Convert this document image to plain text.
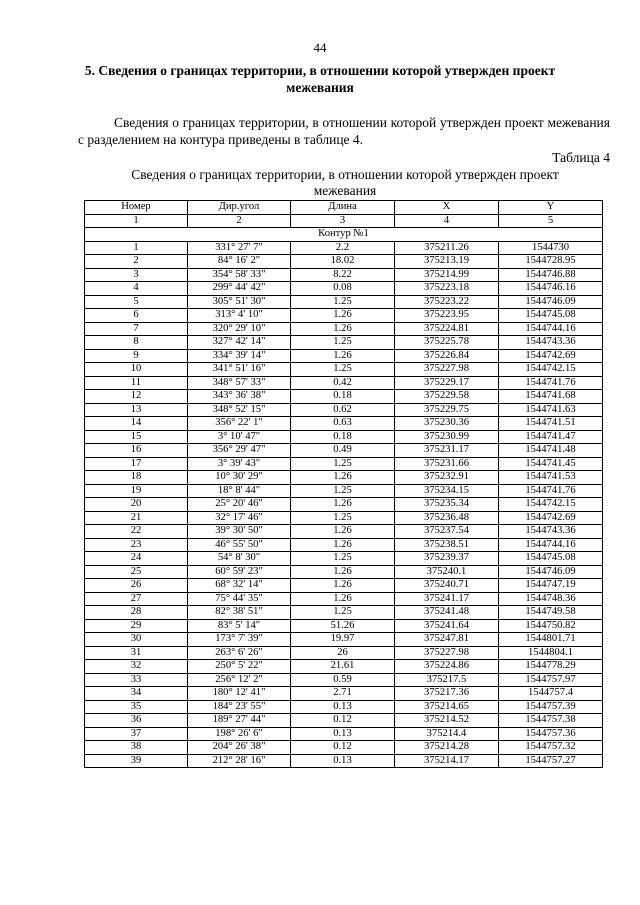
44
5. Сведения о границах территории, в отношении которой утвержден проект межевания
Сведения о границах территории, в отношении которой утвержден проект межевания с разделением на контура приведены в таблице 4.
Таблица 4
Сведения о границах территории, в отношении которой утвержден проект межевания
Номер	Дир.угол	Длина	X	Y
1	2	3	4	5
Контур №1				
1	331° 27' 7"	2.2	375211.26	1544730
2	84° 16' 2"	18.02	375213.19	1544728.95
3	354° 58' 33"	8.22	375214.99	1544746.88
4	299° 44' 42"	0.08	375223.18	1544746.16
5	305° 51' 30"	1.25	375223.22	1544746.09
6	313° 4' 10"	1.26	375223.95	1544745.08
7	320° 29' 10"	1.26	375224.81	1544744.16
8	327° 42' 14"	1.25	375225.78	1544743.36
9	334° 39' 14"	1.26	375226.84	1544742.69
10	341° 51' 16"	1.25	375227.98	1544742.15
11	348° 57' 33"	0.42	375229.17	1544741.76
12	343° 36' 38"	0.18	375229.58	1544741.68
13	348° 52' 15"	0.62	375229.75	1544741.63
14	356° 22' 1"	0.63	375230.36	1544741.51
15	3° 10' 47"	0.18	375230.99	1544741.47
16	356° 29' 47"	0.49	375231.17	1544741.48
17	3° 39' 43"	1.25	375231.66	1544741.45
18	10° 30' 29"	1.26	375232.91	1544741.53
19	18° 8' 44"	1.25	375234.15	1544741.76
20	25° 20' 46"	1.26	375235.34	1544742.15
21	32° 17' 46"	1.25	375236.48	1544742.69
22	39° 30' 50"	1.26	375237.54	1544743.36
23	46° 55' 50"	1.26	375238.51	1544744.16
24	54° 8' 30"	1.25	375239.37	1544745.08
25	60° 59' 23"	1.26	375240.1	1544746.09
26	68° 32' 14"	1.26	375240.71	1544747.19
27	75° 44' 35"	1.26	375241.17	1544748.36
28	82° 38' 51"	1.25	375241.48	1544749.58
29	83° 5' 14"	51.26	375241.64	1544750.82
30	173° 7' 39"	19.97	375247.81	1544801.71
31	263° 6' 26"	26	375227.98	1544804.1
32	250° 5' 22"	21.61	375224.86	1544778.29
33	256° 12' 2"	0.59	375217.5	1544757.97
34	180° 12' 41"	2.71	375217.36	1544757.4
35	184° 23' 55"	0.13	375214.65	1544757.39
36	189° 27' 44"	0.12	375214.52	1544757.38
37	198° 26' 6"	0.13	375214.4	1544757.36
38	204° 26' 38"	0.12	375214.28	1544757.32
39	212° 28' 16"	0.13	375214.17	1544757.27
